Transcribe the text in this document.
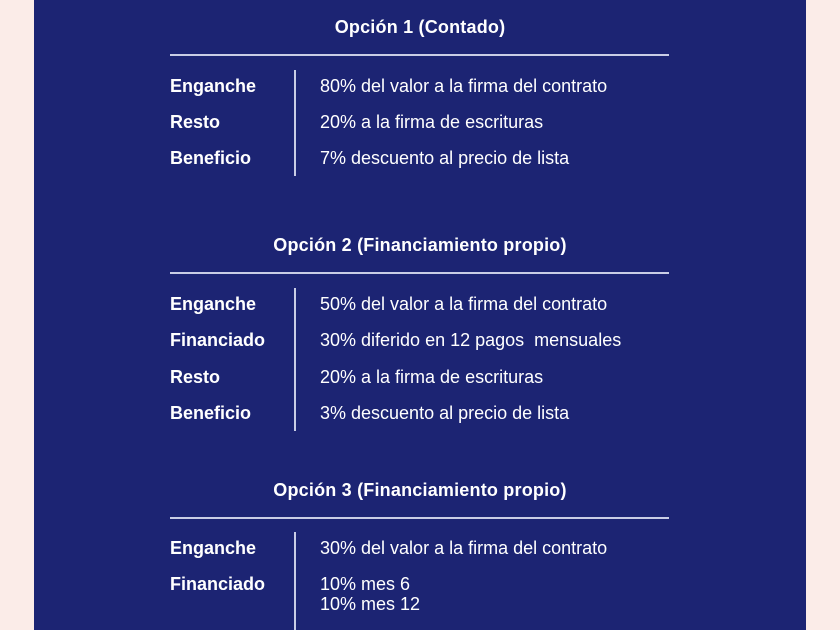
Opción 1 (Contado)
Enganche	80% del valor a la firma del contrato
Resto	20% a la firma de escrituras
Beneficio	7% descuento al precio de lista
Opción 2 (Financiamiento propio)
Enganche	50% del valor a la firma del contrato
Financiado	30% diferido en 12 pagos  mensuales
Resto	20% a la firma de escrituras
Beneficio	3% descuento al precio de lista
Opción 3 (Financiamiento propio)
Enganche	30% del valor a la firma del contrato
Financiado	10% mes 6
10% mes 12
